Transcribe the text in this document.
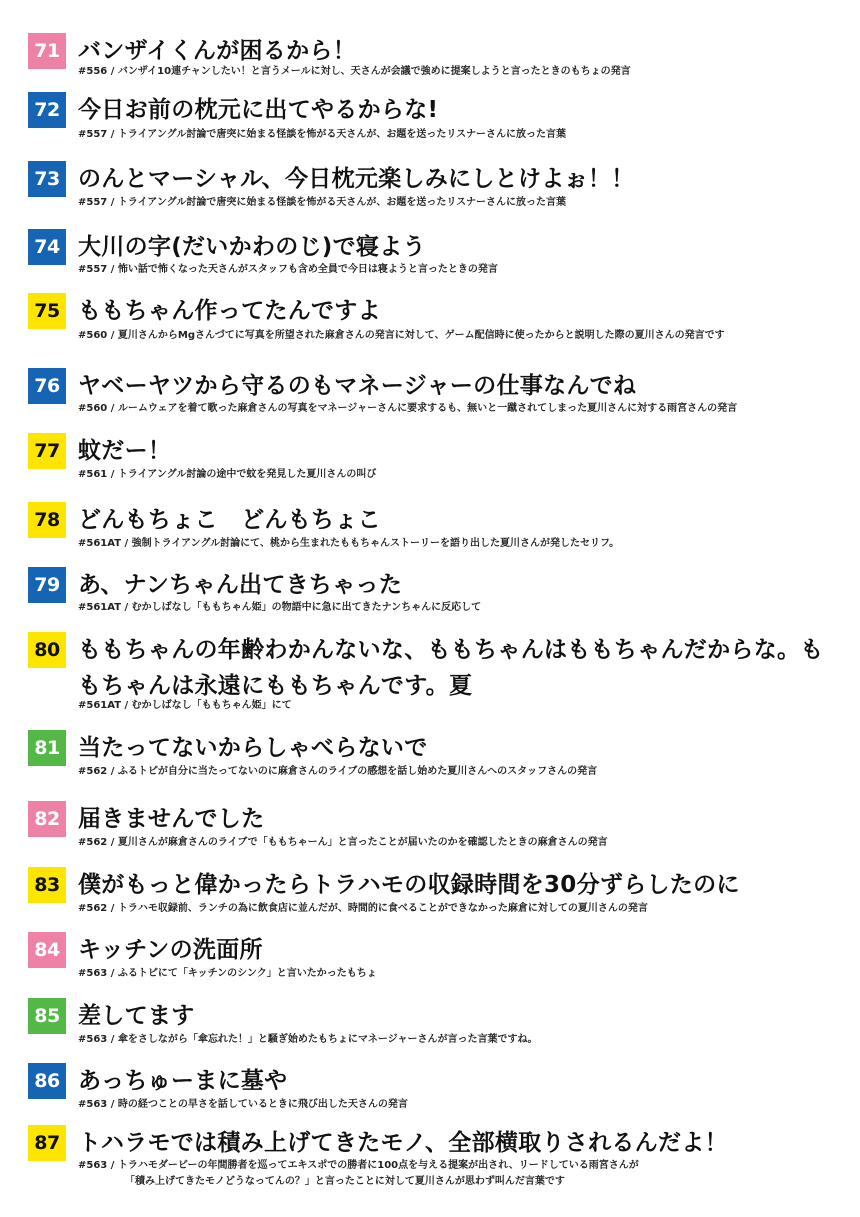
71 バンザイくんが困るから！
#556 / バンザイ10連チャンしたい！と言うメールに対し、天さんが会議で強めに提案しようと言ったときのもちょの発言
72 今日お前の枕元に出てやるからな!
#557 / トライアングル討論で唐突に始まる怪談を怖がる天さんが、お題を送ったリスナーさんに放った言葉
73 のんとマーシャル、今日枕元楽しみにしとけよぉ！！
#557 / トライアングル討論で唐突に始まる怪談を怖がる天さんが、お題を送ったリスナーさんに放った言葉
74 大川の字(だいかわのじ)で寝よう
#557 / 怖い話で怖くなった天さんがスタッフも含め全員で今日は寝ようと言ったときの発言
75 ももちゃん作ってたんですよ
#560 / 夏川さんからMgさんづてに写真を所望された麻倉さんの発言に対して、ゲーム配信時に使ったからと説明した際の夏川さんの発言です
76 ヤベーヤツから守るのもマネージャーの仕事なんでね
#560 / ルームウェアを着て歌った麻倉さんの写真をマネージャーさんに要求するも、無いと一蹴されてしまった夏川さんに対する雨宮さんの発言
77 蚊だー！
#561 / トライアングル討論の途中で蚊を発見した夏川さんの叫び
78 どんもちょこ　どんもちょこ
#561AT / 強制トライアングル討論にて、桃から生まれたももちゃんストーリーを語り出した夏川さんが発したセリフ。
79 あ、ナンちゃん出てきちゃった
#561AT / むかしばなし「ももちゃん姫」の物語中に急に出てきたナンちゃんに反応して
80 ももちゃんの年齢わかんないな、ももちゃんはももちゃんだからな。ももちゃんは永遠にももちゃんです。夏
#561AT / むかしばなし「ももちゃん姫」にて
81 当たってないからしゃべらないで
#562 / ふるトピが自分に当たってないのに麻倉さんのライブの感想を話し始めた夏川さんへのスタッフさんの発言
82 届きませんでした
#562 / 夏川さんが麻倉さんのライブで「ももちゃーん」と言ったことが届いたのかを確認したときの麻倉さんの発言
83 僕がもっと偉かったらトラハモの収録時間を30分ずらしたのに
#562 / トラハモ収録前、ランチの為に飲食店に並んだが、時間的に食べることができなかった麻倉に対しての夏川さんの発言
84 キッチンの洗面所
#563 / ふるトピにて「キッチンのシンク」と言いたかったもちょ
85 差してます
#563 / 傘をさしながら「傘忘れた！」と騒ぎ始めたもちょにマネージャーさんが言った言葉ですね。
86 あっちゅーまに墓や
#563 / 時の経つことの早さを話しているときに飛び出した天さんの発言
87 トハラモでは積み上げてきたモノ、全部横取りされるんだよ！
#563 / トラハモダービーの年間勝者を巡ってエキスポでの勝者に100点を与える提案が出され、リードしている雨宮さんが
「積み上げてきたモノどうなってんの？」と言ったことに対して夏川さんが思わず叫んだ言葉です
